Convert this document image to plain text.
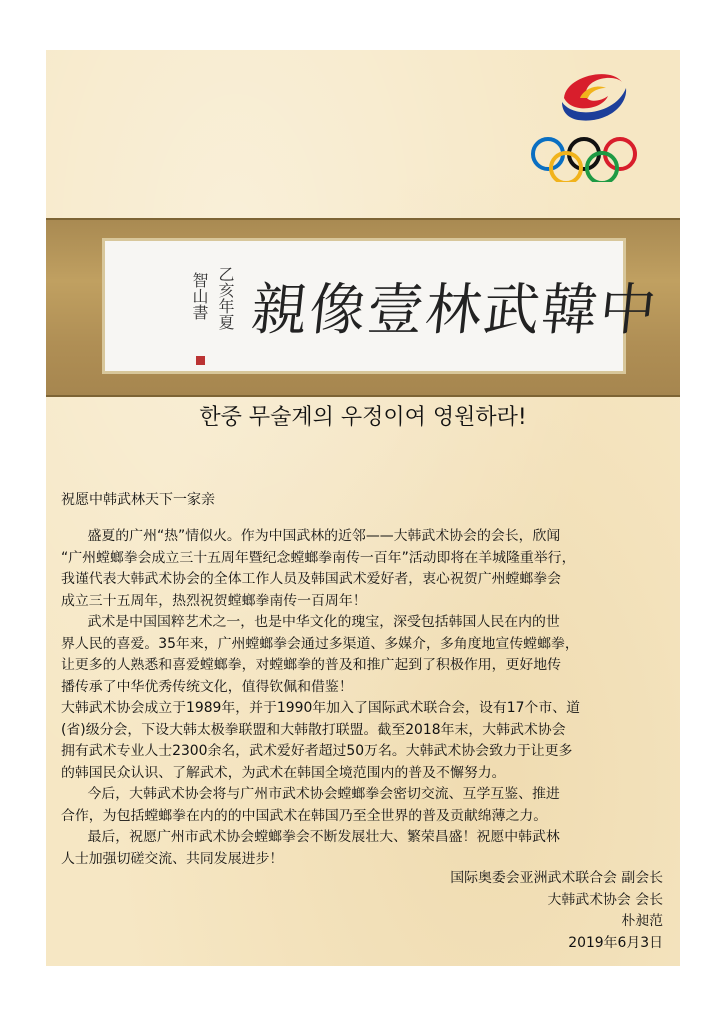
智山書 乙亥年夏 親
像
壹
林
武
韓
中
한중 무술계의 우정이여 영원하라!
祝愿中韩武林天下一家亲

盛夏的广州“热”情似火。作为中国武林的近邻——大韩武术协会的会长，欣闻
“广州螳螂拳会成立三十五周年暨纪念螳螂拳南传一百年”活动即将在羊城隆重举行，
我谨代表大韩武术协会的全体工作人员及韩国武术爱好者，衷心祝贺广州螳螂拳会
成立三十五周年，热烈祝贺螳螂拳南传一百周年！

武术是中国国粹艺术之一，也是中华文化的瑰宝，深受包括韩国人民在内的世
界人民的喜爱。35年来，广州螳螂拳会通过多渠道、多媒介，多角度地宣传螳螂拳，
让更多的人熟悉和喜爱螳螂拳，对螳螂拳的普及和推广起到了积极作用，更好地传
播传承了中华优秀传统文化，值得钦佩和借鉴！

大韩武术协会成立于1989年，并于1990年加入了国际武术联合会，设有17个市、道
(省)级分会，下设大韩太极拳联盟和大韩散打联盟。截至2018年末，大韩武术协会
拥有武术专业人士2300余名，武术爱好者超过50万名。大韩武术协会致力于让更多
的韩国民众认识、了解武术，为武术在韩国全境范围内的普及不懈努力。

今后，大韩武术协会将与广州市武术协会螳螂拳会密切交流、互学互鉴、推进
合作，为包括螳螂拳在内的的中国武术在韩国乃至全世界的普及贡献绵薄之力。

最后，祝愿广州市武术协会螳螂拳会不断发展壮大、繁荣昌盛！祝愿中韩武林
人士加强切磋交流、共同发展进步！

国际奥委会亚洲武术联合会 副会长
大韩武术协会 会长
朴昶范
2019年6月3日
